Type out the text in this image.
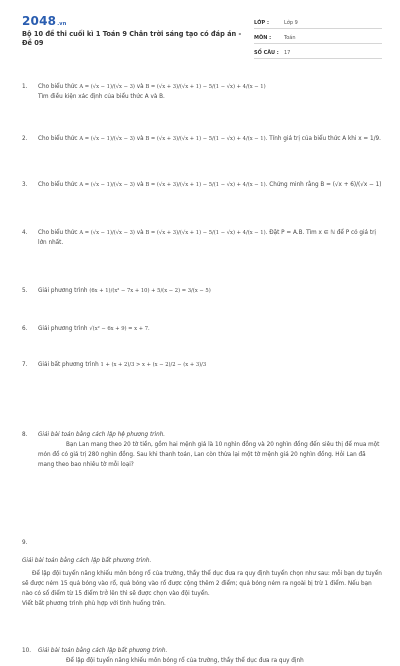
2048.vn
Bộ 10 đề thi cuối kì 1 Toán 9 Chân trời sáng tạo có đáp án - Đề 09
LỚP :	Lớp 9
MÔN :	Toán
SỐ CÂU :	17
1. Cho biểu thức A = (√x − 1)/(√x − 3) và B = (√x + 3)/(√x + 1) − 5/(1 − √x) + 4/(x − 1)
Tìm điều kiện xác định của biểu thức A và B.
2. Cho biểu thức A = (√x − 1)/(√x − 3) và B = (√x + 3)/(√x + 1) − 5/(1 − √x) + 4/(x − 1). Tính giá trị của biểu thức A khi x = 1/9.
3. Cho biểu thức A = (√x − 1)/(√x − 3) và B = (√x + 3)/(√x + 1) − 5/(1 − √x) + 4/(x − 1). Chứng minh rằng B = (√x + 6)/(√x − 1)
4. Cho biểu thức A = (√x − 1)/(√x − 3) và B = (√x + 3)/(√x + 1) − 5/(1 − √x) + 4/(x − 1). Đặt P = A.B. Tìm x ∈ ℕ để P có giá trị
lớn nhất.
5. Giải phương trình (6x + 1)/(x² − 7x + 10) + 5/(x − 2) = 3/(x − 5)
6. Giải phương trình √(x² − 6x + 9) = x + 7.
7. Giải bất phương trình 1 + (x + 2)/3 > x + (x − 2)/2 − (x + 3)/3
8. Giải bài toán bằng cách lập hệ phương trình.
Bạn Lan mang theo 20 tờ tiền, gồm hai mệnh giá là 10 nghìn đồng và 20 nghìn đồng đến siêu thị để mua một món đồ có giá trị 280 nghìn đồng. Sau khi thanh toán, Lan còn thừa lại một tờ mệnh giá 20 nghìn đồng. Hỏi Lan đã mang theo bao nhiêu tờ mỗi loại?
9.
Giải bài toán bằng cách lập bất phương trình.
Để lập đội tuyển năng khiếu môn bóng rổ của trường, thầy thể dục đưa ra quy định tuyển chọn như sau: mỗi bạn dự tuyển sẽ được ném 15 quả bóng vào rổ, quả bóng vào rổ được cộng thêm 2 điểm; quả bóng ném ra ngoài bị trừ 1 điểm. Nếu bạn nào có số điểm từ 15 điểm trở lên thì sẽ được chọn vào đội tuyển.
Viết bất phương trình phù hợp với tình huống trên.
10. Giải bài toán bằng cách lập bất phương trình.
Để lập đội tuyển năng khiếu môn bóng rổ của trường, thầy thể dục đưa ra quy định
